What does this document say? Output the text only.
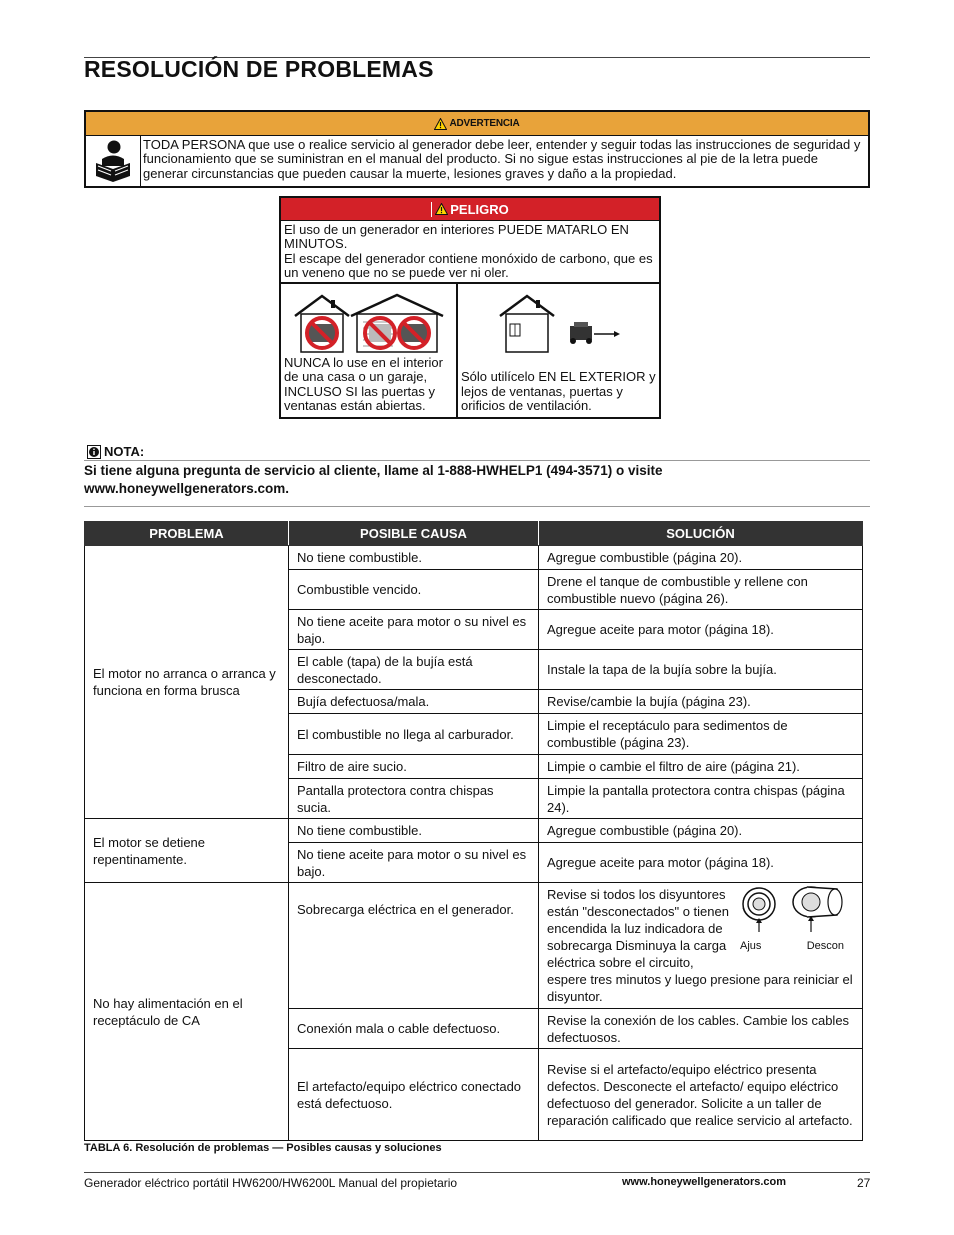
RESOLUCIÓN DE PROBLEMAS
ADVERTENCIA
TODA PERSONA que use o realice servicio al generador debe leer, entender y seguir todas las instrucciones de seguridad y funcionamiento que se suministran en el manual del producto. Si no sigue estas instrucciones al pie de la letra puede generar circunstancias que pueden causar la muerte, lesiones graves y daño a la propiedad.
PELIGRO
El uso de un generador en interiores PUEDE MATARLO EN MINUTOS.
El escape del generador contiene monóxido de carbono, que es un veneno que no se puede ver ni oler.
NUNCA lo use en el interior de una casa o un garaje, INCLUSO SI las puertas y ventanas están abiertas.
Sólo utilícelo EN EL EXTERIOR y lejos de ventanas, puertas y orificios de ventilación.
NOTA:
Si tiene alguna pregunta de servicio al cliente, llame al 1-888-HWHELP1 (494-3571) o visite www.honeywellgenerators.com.
PROBLEMA	POSIBLE CAUSA	SOLUCIÓN
El motor no arranca o arranca y funciona en forma brusca	No tiene combustible.	Agregue combustible (página 20).
	Combustible vencido.	Drene el tanque de combustible y rellene con combustible nuevo (página 26).
	No tiene aceite para motor o su nivel es bajo.	Agregue aceite para motor (página 18).
	El cable (tapa) de la bujía está desconectado.	Instale la tapa de la bujía sobre la bujía.
	Bujía defectuosa/mala.	Revise/cambie la bujía (página 23).
	El combustible no llega al carburador.	Limpie el receptáculo para sedimentos de combustible (página 23).
	Filtro de aire sucio.	Limpie o cambie el filtro de aire (página 21).
	Pantalla protectora contra chispas sucia.	Limpie la pantalla protectora contra chispas (página 24).
El motor se detiene repentinamente.	No tiene combustible.	Agregue combustible (página 20).
	No tiene aceite para motor o su nivel es bajo.	Agregue aceite para motor (página 18).
No hay alimentación en el receptáculo de CA	Sobrecarga eléctrica en el generador.	Revise si todos los disyuntores están "desconectados" o tienen encendida la luz indicadora de sobrecarga Disminuya la carga eléctrica sobre el circuito,
Ajus Descon
espere tres minutos y luego presione para reiniciar el disyuntor.

	Conexión mala o cable defectuoso.	Revise la conexión de los cables. Cambie los cables defectuosos.
	El artefacto/equipo eléctrico conectado está defectuoso.	Revise si el artefacto/equipo eléctrico presenta defectos. Desconecte el artefacto/ equipo eléctrico defectuoso del generador. Solicite a un taller de reparación calificado que realice servicio al artefacto.
TABLA 6. Resolución de problemas — Posibles causas y soluciones
Generador eléctrico portátil HW6200/HW6200L Manual del propietario	www.honeywellgenerators.com	27
